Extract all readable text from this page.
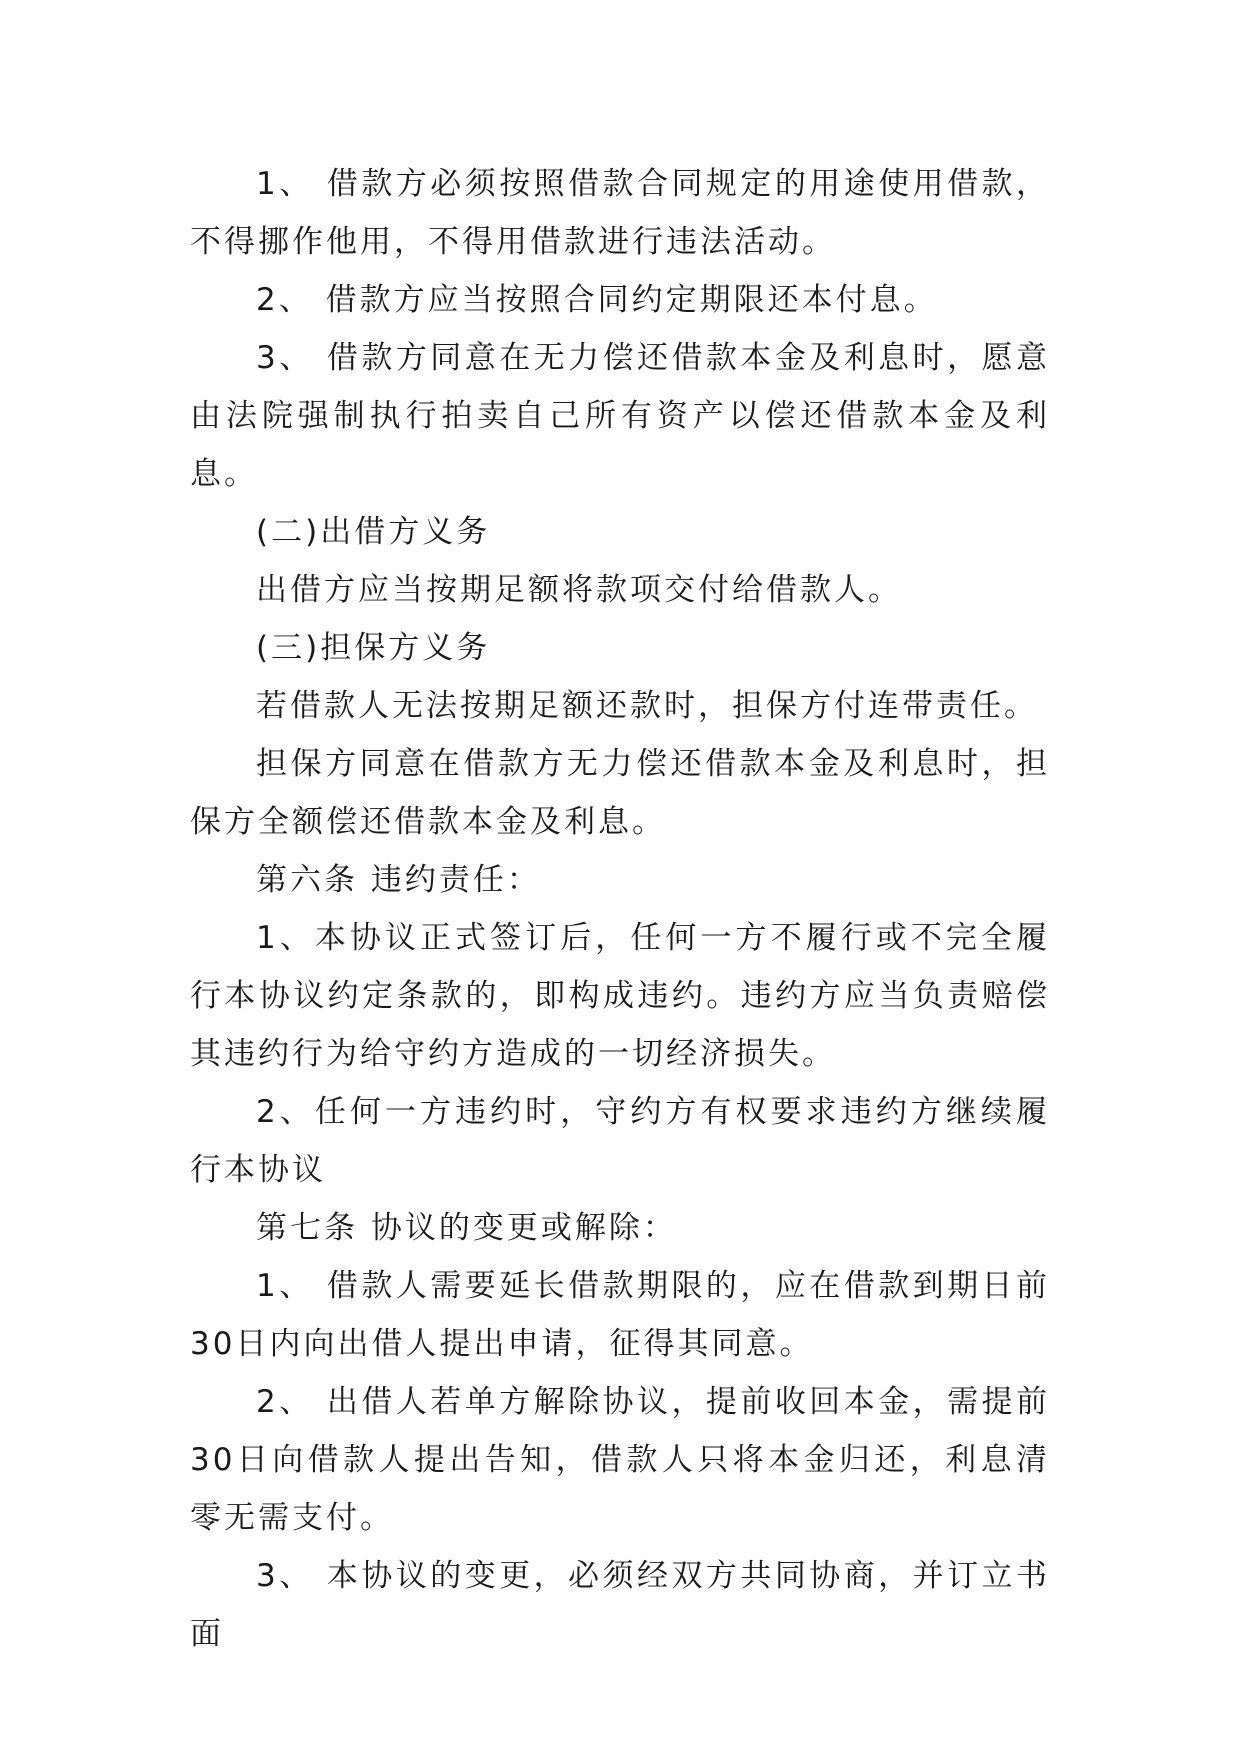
1、 借款方必须按照借款合同规定的用途使用借款，不得挪作他用，不得用借款进行违法活动。

2、 借款方应当按照合同约定期限还本付息。

3、 借款方同意在无力偿还借款本金及利息时，愿意由法院强制执行拍卖自己所有资产以偿还借款本金及利息。

(二)出借方义务

出借方应当按期足额将款项交付给借款人。

(三)担保方义务

若借款人无法按期足额还款时，担保方付连带责任。

担保方同意在借款方无力偿还借款本金及利息时，担保方全额偿还借款本金及利息。

第六条 违约责任：

1、本协议正式签订后，任何一方不履行或不完全履行本协议约定条款的，即构成违约。违约方应当负责赔偿其违约行为给守约方造成的一切经济损失。

2、任何一方违约时，守约方有权要求违约方继续履行本协议

第七条 协议的变更或解除：

1、 借款人需要延长借款期限的，应在借款到期日前30日内向出借人提出申请，征得其同意。

2、 出借人若单方解除协议，提前收回本金，需提前 30日向借款人提出告知，借款人只将本金归还，利息清零无需支付。

3、 本协议的变更，必须经双方共同协商，并订立书面
